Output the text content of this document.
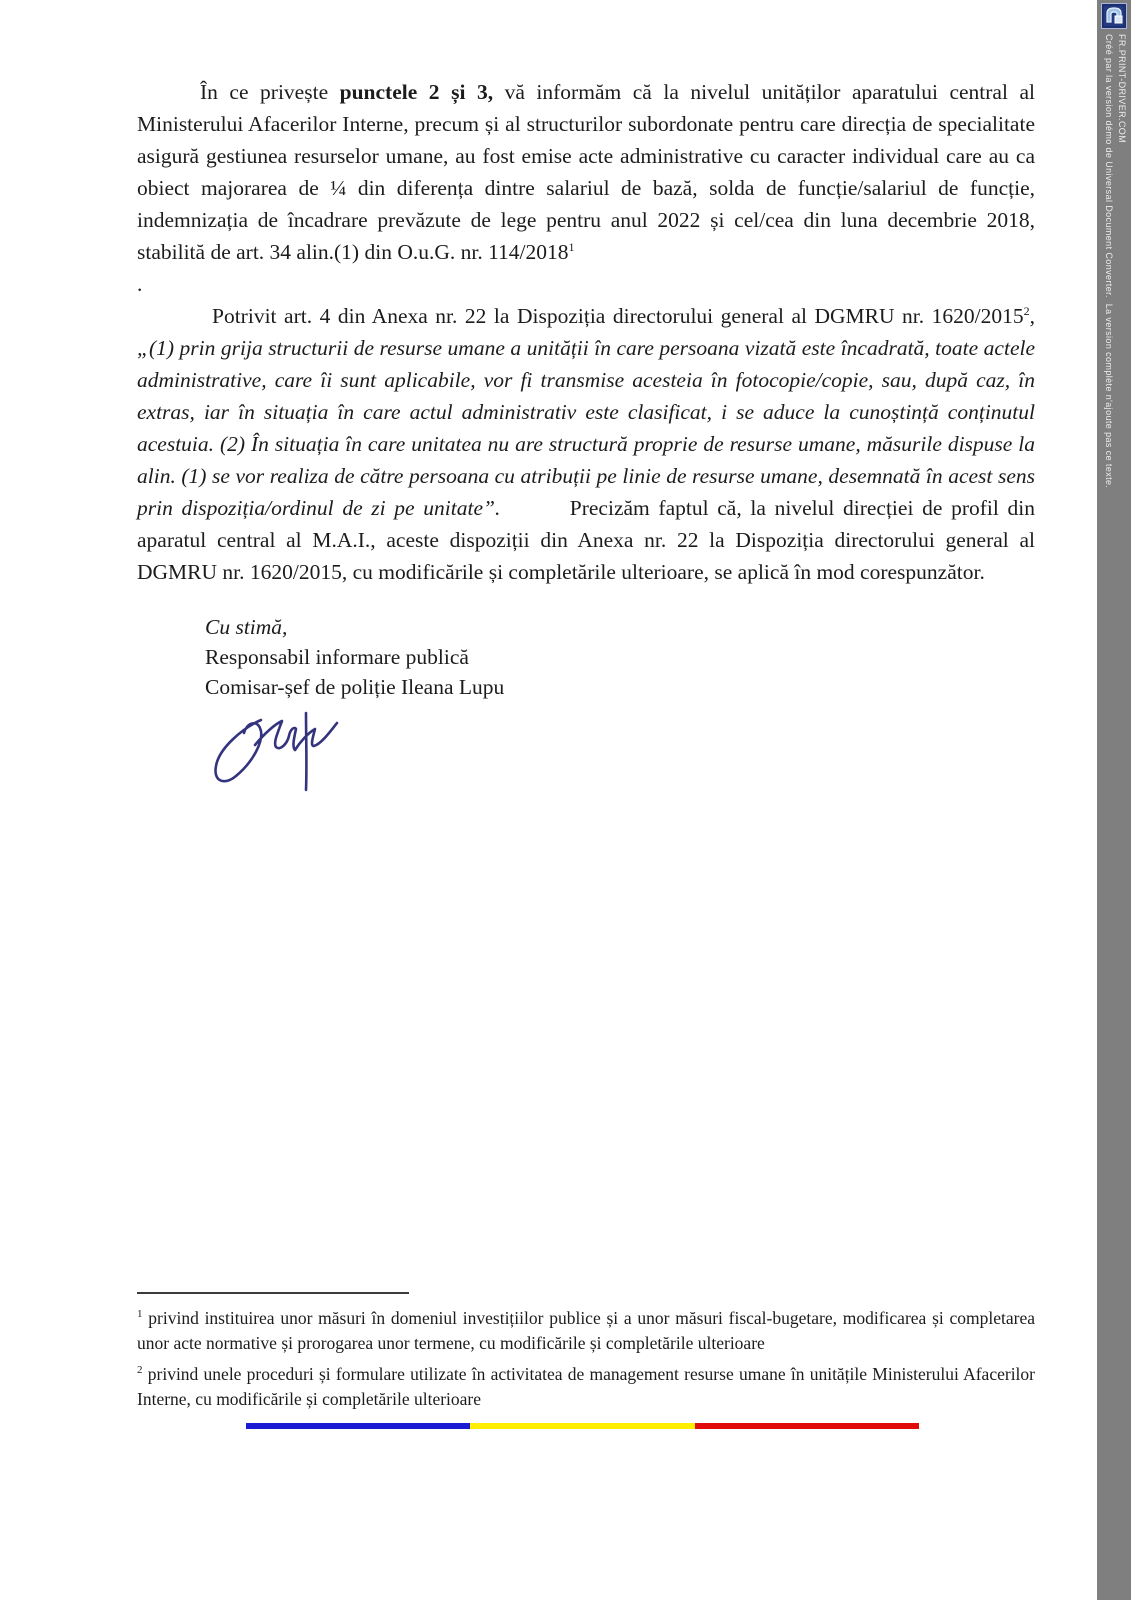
În ce privește punctele 2 și 3, vă informăm că la nivelul unităților aparatului central al Ministerului Afacerilor Interne, precum și al structurilor subordonate pentru care direcția de specialitate asigură gestiunea resurselor umane, au fost emise acte administrative cu caracter individual care au ca obiect majorarea de ¼ din diferența dintre salariul de bază, solda de funcție/salariul de funcție, indemnizația de încadrare prevăzute de lege pentru anul 2022 și cel/cea din luna decembrie 2018, stabilită de art. 34 alin.(1) din O.u.G. nr. 114/2018$^1$

.

Potrivit art. 4 din Anexa nr. 22 la Dispoziția directorului general al DGMRU nr. 1620/2015$^2$, „(1) prin grija structurii de resurse umane a unității în care persoana vizată este încadrată, toate actele administrative, care îi sunt aplicabile, vor fi transmise acesteia în fotocopie/copie, sau, după caz, în extras, iar în situația în care actul administrativ este clasificat, i se aduce la cunoștință conținutul acestuia. (2) În situația în care unitatea nu are structură proprie de resurse umane, măsurile dispuse la alin. (1) se vor realiza de către persoana cu atribuții pe linie de resurse umane, desemnată în acest sens prin dispoziția/ordinul de zi pe unitate”.        Precizăm faptul că, la nivelul direcției de profil din aparatul central al M.A.I., aceste dispoziții din Anexa nr. 22 la Dispoziția directorului general al DGMRU nr. 1620/2015, cu modificările și completările ulterioare, se aplică în mod corespunzător.

Cu stimă,

Responsabil informare publică

Comisar-șef de poliție Ileana Lupu

$^1$ privind instituirea unor măsuri în domeniul investițiilor publice și a unor măsuri fiscal-bugetare, modificarea și completarea unor acte normative și prorogarea unor termene, cu modificările și completările ulterioare

$^2$ privind unele proceduri și formulare utilizate în activitatea de management resurse umane în unitățile Ministerului Afacerilor Interne, cu modificările și completările ulterioare

Créé par la version démo de Universal Document Converter.  La version complète n'ajoute pas ce texte. FR.PRINT-DRIVER.COM
